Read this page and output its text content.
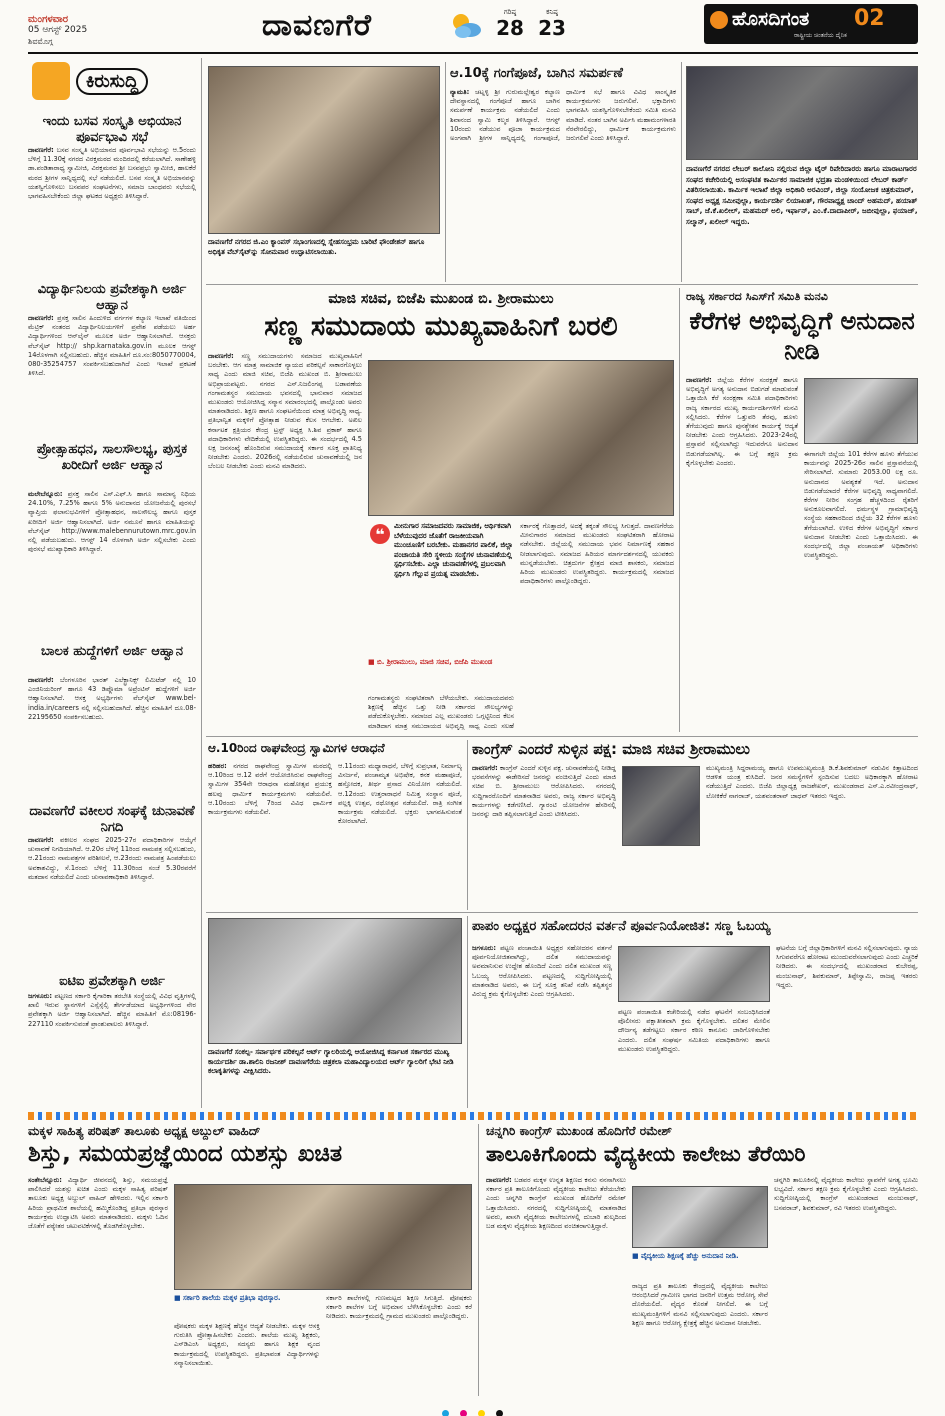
ಮಂಗಳವಾರ
05 ಆಗಸ್ಟ್ 2025
ಶಿವಮೊಗ್ಗ	ದಾವಣಗೆರೆ	ಗರಿಷ್ಠ
28
ಕನಿಷ್ಠ
23	ಹೊಸದಿಗಂತ
ರಾಷ್ಟ್ರೀಯ ಚಿಂತನೆಯ ದೈನಿಕ
02
ಕಿರುಸುದ್ದಿ
ಇಂದು ಬಸವ ಸಂಸ್ಕೃತಿ ಅಭಿಯಾನ ಪೂರ್ವಭಾವಿ ಸಭೆ
ದಾವಣಗೆರೆ: ಬಸವ ಸಂಸ್ಕೃತಿ ಅಭಿಯಾನದ ಪೂರ್ವಭಾವಿ ಸಭೆಯನ್ನು ಆ.5ರಂದು ಬೆಳಿಗ್ಗೆ 11.30ಕ್ಕೆ ನಗರದ ವಿರಕ್ತಮಠದ ಮಂದಿರದಲ್ಲಿ ಕರೆಯಲಾಗಿದೆ. ಸಾಣೇಹಳ್ಳಿ ಡಾ.ಪಂಡಿತಾರಾಧ್ಯ ಸ್ವಾಮೀಜಿ, ವಿರಕ್ತಮಠದ ಶ್ರೀ ಬಸವಪ್ರಭು ಸ್ವಾಮೀಜಿ, ಹಾಲಕೆರೆ ಮಠದ ಶ್ರೀಗಳ ಸಾನ್ನಿಧ್ಯದಲ್ಲಿ ಸಭೆ ನಡೆಯಲಿದೆ. ಬಸವ ಸಂಸ್ಕೃತಿ ಅಭಿಯಾನವನ್ನು ಯಶಸ್ವಿಗೊಳಿಸಲು ಬಸವಪರ ಸಂಘಟನೆಗಳು, ಸಮಾಜ ಬಾಂಧವರು ಸಭೆಯಲ್ಲಿ ಭಾಗವಹಿಸಬೇಕೆಂದು ಜಿಲ್ಲಾ ಘಟಕದ ಅಧ್ಯಕ್ಷರು ತಿಳಿಸಿದ್ದಾರೆ.
ವಿದ್ಯಾರ್ಥಿನಿಲಯ ಪ್ರವೇಶಕ್ಕಾಗಿ ಅರ್ಜಿ ಆಹ್ವಾನ
ದಾವಣಗೆರೆ: ಪ್ರಸಕ್ತ ಸಾಲಿನ ಹಿಂದುಳಿದ ವರ್ಗಗಳ ಕಲ್ಯಾಣ ಇಲಾಖೆ ವತಿಯಿಂದ ಮೆಟ್ರಿಕ್ ನಂತರದ ವಿದ್ಯಾರ್ಥಿನಿಲಯಗಳಿಗೆ ಪ್ರವೇಶ ಪಡೆಯಲು ಅರ್ಹ ವಿದ್ಯಾರ್ಥಿಗಳಿಂದ ಆನ್‌ಲೈನ್ ಮೂಲಕ ಅರ್ಜಿ ಆಹ್ವಾನಿಸಲಾಗಿದೆ. ಆಸಕ್ತರು ವೆಬ್‌ಸೈಟ್ http:// shp.karnataka.gov.in ಮೂಲಕ ಆಗಸ್ಟ್ 14ರೊಳಗಾಗಿ ಸಲ್ಲಿಸಬಹುದು. ಹೆಚ್ಚಿನ ಮಾಹಿತಿಗೆ ದೂ.ಸಂ:8050770004, 080-35254757 ಸಂಪರ್ಕಿಸಬಹುದಾಗಿದೆ ಎಂದು ಇಲಾಖೆ ಪ್ರಕಟಣೆ ತಿಳಿಸಿದೆ.
ಪ್ರೋತ್ಸಾಹಧನ, ಸಾಲಸೌಲಭ್ಯ, ಪುಸ್ತಕ ಖರೀದಿಗೆ ಅರ್ಜಿ ಆಹ್ವಾನ
ಮಲೇಬೆನ್ನೂರು: ಪ್ರಸಕ್ತ ಸಾಲಿನ ಎಸ್.ಎಫ್.ಸಿ ಹಾಗೂ ಸಾಮಾನ್ಯ ನಿಧಿಯ 24.10%, 7.25% ಹಾಗೂ 5% ಅನುದಾನದ ಯೋಜನೆಯಲ್ಲಿ ಪುರಸಭೆ ವ್ಯಾಪ್ತಿಯ ಫಲಾನುಭವಿಗಳಿಗೆ ಪ್ರೋತ್ಸಾಹಧನ, ಸಾಲಸೌಲಭ್ಯ ಹಾಗೂ ಪುಸ್ತಕ ಖರೀದಿಗೆ ಅರ್ಜಿ ಆಹ್ವಾನಿಸಲಾಗಿದೆ. ಅರ್ಜಿ ನಮೂನೆ ಹಾಗೂ ಮಾಹಿತಿಯನ್ನು ವೆಬ್‌ಸೈಟ್ http://www.malebennurutown.mrc.gov.in ನಲ್ಲಿ ಪಡೆಯಬಹುದು. ಆಗಸ್ಟ್ 14 ರೊಳಗಾಗಿ ಅರ್ಜಿ ಸಲ್ಲಿಸಬೇಕು ಎಂದು ಪುರಸಭೆ ಮುಖ್ಯಾಧಿಕಾರಿ ತಿಳಿಸಿದ್ದಾರೆ.
ಬಾಲಕ ಹುದ್ದೆಗಳಿಗೆ ಅರ್ಜಿ ಆಹ್ವಾನ
ದಾವಣಗೆರೆ: ಬೆಂಗಳೂರಿನ ಭಾರತ್ ಎಲೆಕ್ಟ್ರಾನಿಕ್ಸ್ ಲಿಮಿಟೆಡ್ ನಲ್ಲಿ 10 ಎಂಜಿನಿಯರಿಂಗ್ ಹಾಗೂ 43 ಡಿಪ್ಲೊಮಾ ಅಪ್ರೆಂಟಿಸ್ ಹುದ್ದೆಗಳಿಗೆ ಅರ್ಜಿ ಆಹ್ವಾನಿಸಲಾಗಿದೆ. ಆಸಕ್ತ ಅಭ್ಯರ್ಥಿಗಳು ವೆಬ್‌ಸೈಟ್ www.bel-india.in/careers ನಲ್ಲಿ ಸಲ್ಲಿಸಬಹುದಾಗಿದೆ. ಹೆಚ್ಚಿನ ಮಾಹಿತಿಗೆ ದೂ.08-22195650 ಸಂಪರ್ಕಿಸಬಹುದು.
ದಾವಣಗೆರೆ ವಕೀಲರ ಸಂಘಕ್ಕೆ ಚುನಾವಣೆ ನಿಗದಿ
ದಾವಣಗೆರೆ: ವಕೀಲರ ಸಂಘದ 2025-27ರ ಪದಾಧಿಕಾರಿಗಳ ಆಯ್ಕೆಗೆ ಚುನಾವಣೆ ನಿಗದಿಯಾಗಿದೆ. ಆ.20ರ ಬೆಳಿಗ್ಗೆ 11ರಿಂದ ನಾಮಪತ್ರ ಸಲ್ಲಿಸಬಹುದು, ಆ.21ರಂದು ನಾಮಪತ್ರಗಳ ಪರಿಶೀಲನೆ, ಆ.23ರಂದು ನಾಮಪತ್ರ ಹಿಂಪಡೆಯಲು ಅವಕಾಶವಿದ್ದು, ಸೆ.1ರಂದು ಬೆಳಿಗ್ಗೆ 11.30ರಿಂದ ಸಂಜೆ 5.30ರವರೆಗೆ ಮತದಾನ ನಡೆಯಲಿದೆ ಎಂದು ಚುನಾವಣಾಧಿಕಾರಿ ತಿಳಿಸಿದ್ದಾರೆ.
ಐಟಿಐ ಪ್ರವೇಶಕ್ಕಾಗಿ ಅರ್ಜಿ
ಜಗಳೂರು: ಪಟ್ಟಣದ ಸರ್ಕಾರಿ ಕೈಗಾರಿಕಾ ತರಬೇತಿ ಸಂಸ್ಥೆಯಲ್ಲಿ ವಿವಿಧ ವೃತ್ತಿಗಳಲ್ಲಿ ಖಾಲಿ ಇರುವ ಸ್ಥಾನಗಳಿಗೆ ಎಸ್ಸೆಸ್ಸೆಲ್ಸಿ ತೇರ್ಗಡೆಯಾದ ಅಭ್ಯರ್ಥಿಗಳಿಂದ ನೇರ ಪ್ರವೇಶಕ್ಕಾಗಿ ಅರ್ಜಿ ಆಹ್ವಾನಿಸಲಾಗಿದೆ. ಹೆಚ್ಚಿನ ಮಾಹಿತಿಗೆ ಮೊ:08196-227110 ಸಂಪರ್ಕಿಸುವಂತೆ ಪ್ರಾಂಶುಪಾಲರು ತಿಳಿಸಿದ್ದಾರೆ.
ದಾವಣಗೆರೆ ನಗರದ ಜಿ.ಎಂ ಕ್ಯಾಂಪಸ್ ಸಭಾಂಗಣದಲ್ಲಿ ಸ್ನೇಹಸಂಭ್ರಮ ಬಾರಿಟೆ ಫೌಂಡೇಶನ್ ಹಾಗೂ ಅಧಿಕೃತ ವೆಬ್‌ಸೈಟ್‌ನ್ನು ಸೋಮವಾರ ಉದ್ಘಾಟಿಸಲಾಯಿತು.
ಆ.10ಕ್ಕೆ ಗಂಗೆಪೂಜೆ, ಬಾಗಿನ ಸಮರ್ಪಣೆ
ನ್ಯಾಮತಿ: ಚಟ್ನಳ್ಳಿ ಶ್ರೀ ಗುರುಮಲ್ಲೇಶ್ವರ ಕಲ್ಯಾಣ ದೇವಸ್ಥಾನದಲ್ಲಿ ಗಂಗೆಪೂಜೆ ಹಾಗೂ ಬಾಗಿನ ಸಮರ್ಪಣೆ ಕಾರ್ಯಕ್ರಮ ನಡೆಯಲಿದೆ ಎಂದು ಶಿವಾನಂದ ಸ್ವಾಮಿ ಕಲ್ಮಠ ತಿಳಿಸಿದ್ದಾರೆ. ಆಗಸ್ಟ್ 10ರಂದು ನಡೆಯುವ ಪೂಜಾ ಕಾರ್ಯಕ್ರಮದ ಅಂಗವಾಗಿ ಶ್ರೀಗಳ ಸಾನ್ನಿಧ್ಯದಲ್ಲಿ ಗಂಗಾಪೂಜೆ, ಧಾರ್ಮಿಕ ಸಭೆ ಹಾಗೂ ವಿವಿಧ ಸಾಂಸ್ಕೃತಿಕ ಕಾರ್ಯಕ್ರಮಗಳು ಜರುಗಲಿವೆ. ಭಕ್ತಾದಿಗಳು ಭಾಗವಹಿಸಿ ಯಶಸ್ವಿಗೊಳಿಸಬೇಕೆಂದು ಸಮಿತಿ ಮನವಿ ಮಾಡಿದೆ. ನಂತರ ಬಾಗಿನ ಅರ್ಪಿಸಿ ಮಹಾಮಂಗಳಾರತಿ ನೆರವೇರಲಿದ್ದು, ಧಾರ್ಮಿಕ ಕಾರ್ಯಕ್ರಮಗಳು ಜರುಗಲಿವೆ ಎಂದು ತಿಳಿಸಿದ್ದಾರೆ.
ದಾವಣಗೆರೆ ನಗರದ ಲೇಬರ್ ಕಾಲೋನಿ ನಲ್ಲಿರುವ ಜಿಲ್ಲಾ ಟೈರ್ ರಿಪೇರಿದಾರರು ಹಾಗೂ ಮಾರಾಟಗಾರರ ಸಂಘದ ಕಚೇರಿಯಲ್ಲಿ ಅಸಂಘಟಿತ ಕಾರ್ಮಿಕರ ಸಾಮಾಜಿಕ ಭದ್ರತಾ ಮಂಡಳಿಯಿಂದ ಲೇಬರ್ ಕಾರ್ಡ್ ವಿತರಿಸಲಾಯಿತು. ಕಾರ್ಮಿಕ ಇಲಾಖೆ ಜಿಲ್ಲಾ ಅಧಿಕಾರಿ ಅರವಿಂದ್, ಜಿಲ್ಲಾ ಸಂಯೋಜಕ ಚಿತ್ರಕುಮಾರ್, ಸಂಘದ ಅಧ್ಯಕ್ಷ ಸಮೀವುಲ್ಲಾ, ಕಾರ್ಯದರ್ಶಿ ಲಿಯಾಖತ್, ಗೌರವಾಧ್ಯಕ್ಷ ಚಾಂದ್ ಅಹಮದ್, ಹಯಾತ್ ಸಾಬ್, ಜೆ.ಕೆ.ಖಲೀಲ್, ಮಹಮದ್ ಅಲಿ, ಇರ್ಫಾನ್, ಎಂ.ಕೆ.ದಾದಾಪೀರ್, ಜಬೀವುಲ್ಲಾ, ಫಯಾಜ್, ಸಲ್ಮಾನ್, ಖಲೀಲ್ ಇದ್ದರು.
ಮಾಜಿ ಸಚಿವ, ಬಿಜೆಪಿ ಮುಖಂಡ ಬಿ. ಶ್ರೀರಾಮುಲು
ಸಣ್ಣ ಸಮುದಾಯ ಮುಖ್ಯವಾಹಿನಿಗೆ ಬರಲಿ
ದಾವಣಗೆರೆ: ಸಣ್ಣ ಸಮುದಾಯಗಳು ಸಮಾಜದ ಮುಖ್ಯವಾಹಿನಿಗೆ ಬರಬೇಕು. ಆಗ ಮಾತ್ರ ಸಾಮಾಜಿಕ ನ್ಯಾಯದ ಪರಿಕಲ್ಪನೆ ಸಾಕಾರಗೊಳ್ಳಲು ಸಾಧ್ಯ ಎಂದು ಮಾಜಿ ಸಚಿವ, ಬಿಜೆಪಿ ಮುಖಂಡ ಬಿ. ಶ್ರೀರಾಮುಲು ಅಭಿಪ್ರಾಯಪಟ್ಟರು. ನಗರದ ಎಸ್.ನಿಜಲಿಂಗಪ್ಪ ಬಡಾವಣೆಯ ಗಂಗಾಮತಸ್ಥರ ಸಮುದಾಯ ಭವನದಲ್ಲಿ ಭಾನುವಾರ ಸಮಾಜದ ಮುಖಂಡರು ಆಯೋಜಿಸಿದ್ದ ಸನ್ಮಾನ ಸಮಾರಂಭದಲ್ಲಿ ಪಾಲ್ಗೊಂಡು ಅವರು ಮಾತನಾಡಿದರು. ಶಿಕ್ಷಣ ಹಾಗೂ ಸಂಘಟನೆಯಿಂದ ಮಾತ್ರ ಅಭಿವೃದ್ಧಿ ಸಾಧ್ಯ. ಪ್ರತಿಭಾನ್ವಿತ ಮಕ್ಕಳಿಗೆ ಪ್ರೋತ್ಸಾಹ ನೀಡುವ ಕೆಲಸ ಆಗಬೇಕು. ಅಖಿಲ ಕರ್ನಾಟಕ ಕ್ಷತ್ರಿಯರ ಕೇಂದ್ರ ಟ್ರಸ್ಟ್ ಅಧ್ಯಕ್ಷ ಸಿ.ಶಿವ ಪ್ರಕಾಶ್ ಹಾಗೂ ಪದಾಧಿಕಾರಿಗಳು ವೇದಿಕೆಯಲ್ಲಿ ಉಪಸ್ಥಿತರಿದ್ದರು. ಈ ಸಂದರ್ಭದಲ್ಲಿ 4.5 ಲಕ್ಷ ಜನಸಂಖ್ಯೆ ಹೊಂದಿರುವ ಸಮುದಾಯಕ್ಕೆ ಸರ್ಕಾರ ಸೂಕ್ತ ಪ್ರಾತಿನಿಧ್ಯ ನೀಡಬೇಕು ಎಂದರು. 2026ರಲ್ಲಿ ನಡೆಯಲಿರುವ ಚುನಾವಣೆಯಲ್ಲಿ ಜನ ಬೆಂಬಲ ನೀಡಬೇಕು ಎಂದು ಮನವಿ ಮಾಡಿದರು.
❝	ಮೀನುಗಾರ ಸಮಾಜದವರು ಸಾಮಾಜಿಕ, ಆರ್ಥಿಕವಾಗಿ ಬೆಳೆಯುವುದರ ಜೊತೆಗೆ ರಾಜಕೀಯವಾಗಿ ಮುಂಚೂಣಿಗೆ ಬರಬೇಕು. ಮಹಾನಗರ ಪಾಲಿಕೆ, ಜಿಲ್ಲಾ ಪಂಚಾಯತಿ ಸೇರಿ ಸ್ಥಳೀಯ ಸಂಸ್ಥೆಗಳ ಚುನಾವಣೆಯಲ್ಲಿ ಸ್ಪರ್ಧಿಸಬೇಕು. ಎಲ್ಲಾ ಚುನಾವಣೆಗಳಲ್ಲಿ ಪ್ರಬಲವಾಗಿ ಸ್ಪರ್ಧಿಸಿ ಗೆಲ್ಲುವ ಪ್ರಯತ್ನ ಮಾಡಬೇಕು.
■ ಬಿ. ಶ್ರೀರಾಮುಲು, ಮಾಜಿ ಸಚಿವ, ಬಿಜೆಪಿ ಮುಖಂಡ
ಗಂಗಾಮತಸ್ಥರು ಸಂಘಟಿತರಾಗಿ ಬೆಳೆಯಬೇಕು. ಸಮುದಾಯದವರು ಶಿಕ್ಷಣಕ್ಕೆ ಹೆಚ್ಚಿನ ಒತ್ತು ನೀಡಿ ಸರ್ಕಾರದ ಸೌಲಭ್ಯಗಳನ್ನು ಪಡೆದುಕೊಳ್ಳಬೇಕು. ಸಮಾಜದ ಎಲ್ಲ ಮುಖಂಡರು ಒಗ್ಗಟ್ಟಿನಿಂದ ಕೆಲಸ ಮಾಡಿದಾಗ ಮಾತ್ರ ಸಮುದಾಯದ ಅಭಿವೃದ್ಧಿ ಸಾಧ್ಯ ಎಂದು ಸಲಹೆ
ಸರ್ಕಾರಕ್ಕೆ ಗೊತ್ತಾದರೆ, ಅದಕ್ಕೆ ತಕ್ಕಂತೆ ಸೌಲಭ್ಯ ಸಿಗುತ್ತದೆ. ದಾವಣಗೆರೆಯ ಮೀನುಗಾರರ ಸಮಾಜದ ಮುಖಂಡರು ಸಂಘಟಿತರಾಗಿ ಹೋರಾಟ ನಡೆಸಬೇಕು. ಜಿಲ್ಲೆಯಲ್ಲಿ ಸಮುದಾಯ ಭವನ ನಿರ್ಮಾಣಕ್ಕೆ ಸಹಕಾರ ನೀಡಲಾಗುವುದು. ಸಮಾಜದ ಹಿರಿಯರ ಮಾರ್ಗದರ್ಶನದಲ್ಲಿ ಯುವಕರು ಮುನ್ನಡೆಯಬೇಕು. ಚಿತ್ರದುರ್ಗ ಕ್ಷೇತ್ರದ ಮಾಜಿ ಶಾಸಕರು, ಸಮಾಜದ ಹಿರಿಯ ಮುಖಂಡರು ಉಪಸ್ಥಿತರಿದ್ದರು. ಕಾರ್ಯಕ್ರಮದಲ್ಲಿ ಸಮಾಜದ ಪದಾಧಿಕಾರಿಗಳು ಪಾಲ್ಗೊಂಡಿದ್ದರು.
ರಾಜ್ಯ ಸರ್ಕಾರದ ಸಿಎಸ್‌ಗೆ ಸಮಿತಿ ಮನವಿ
ಕೆರೆಗಳ ಅಭಿವೃದ್ಧಿಗೆ ಅನುದಾನ ನೀಡಿ
ದಾವಣಗೆರೆ: ಜಿಲ್ಲೆಯ ಕೆರೆಗಳ ಸಂರಕ್ಷಣೆ ಹಾಗೂ ಅಭಿವೃದ್ಧಿಗೆ ಅಗತ್ಯ ಅನುದಾನ ಬಿಡುಗಡೆ ಮಾಡುವಂತೆ ಒತ್ತಾಯಿಸಿ ಕೆರೆ ಸಂರಕ್ಷಣಾ ಸಮಿತಿ ಪದಾಧಿಕಾರಿಗಳು ರಾಜ್ಯ ಸರ್ಕಾರದ ಮುಖ್ಯ ಕಾರ್ಯದರ್ಶಿಗಳಿಗೆ ಮನವಿ ಸಲ್ಲಿಸಿದರು. ಕೆರೆಗಳ ಒತ್ತುವರಿ ತೆರವು, ಹೂಳು ತೆಗೆಯುವುದು ಹಾಗೂ ಪುನಶ್ಚೇತನ ಕಾರ್ಯಕ್ಕೆ ಆದ್ಯತೆ ನೀಡಬೇಕು ಎಂದು ಆಗ್ರಹಿಸಿದರು. 2023-24ರಲ್ಲಿ ಪ್ರಸ್ತಾವನೆ ಸಲ್ಲಿಸಲಾಗಿದ್ದು ಇದುವರೆಗೂ ಅನುದಾನ ಬಿಡುಗಡೆಯಾಗಿಲ್ಲ. ಈ ಬಗ್ಗೆ ತಕ್ಷಣ ಕ್ರಮ ಕೈಗೊಳ್ಳಬೇಕು ಎಂದರು.
ಈಗಾಗಲೇ ಜಿಲ್ಲೆಯ 101 ಕೆರೆಗಳ ಹೂಳು ತೆಗೆಯುವ ಕಾರ್ಯವನ್ನು 2025-26ರ ಸಾಲಿನ ಪ್ರಸ್ತಾವನೆಯಲ್ಲಿ ಸೇರಿಸಲಾಗಿದೆ. ಸುಮಾರು 2053.00 ಲಕ್ಷ ರೂ. ಅನುದಾನದ ಅವಶ್ಯಕತೆ ಇದೆ. ಅನುದಾನ ಬಿಡುಗಡೆಯಾದರೆ ಕೆರೆಗಳ ಅಭಿವೃದ್ಧಿ ಸಾಧ್ಯವಾಗಲಿದೆ. ಕೆರೆಗಳ ನೀರಿನ ಸಂಗ್ರಹ ಹೆಚ್ಚಳದಿಂದ ರೈತರಿಗೆ ಅನುಕೂಲವಾಗಲಿದೆ. ಧರ್ಮಸ್ಥಳ ಗ್ರಾಮಾಭಿವೃದ್ಧಿ ಸಂಸ್ಥೆಯ ಸಹಕಾರದಿಂದ ಜಿಲ್ಲೆಯ 32 ಕೆರೆಗಳ ಹೂಳು ತೆಗೆಯಲಾಗಿದೆ. ಉಳಿದ ಕೆರೆಗಳ ಅಭಿವೃದ್ಧಿಗೆ ಸರ್ಕಾರ ಅನುದಾನ ನೀಡಬೇಕು ಎಂದು ಒತ್ತಾಯಿಸಿದರು. ಈ ಸಂದರ್ಭದಲ್ಲಿ ಜಿಲ್ಲಾ ಪಂಚಾಯತ್ ಅಧಿಕಾರಿಗಳು ಉಪಸ್ಥಿತರಿದ್ದರು.
ಆ.10ರಿಂದ ರಾಘವೇಂದ್ರ ಸ್ವಾಮಿಗಳ ಆರಾಧನೆ
ಹರಿಹರ: ನಗರದ ರಾಘವೇಂದ್ರ ಸ್ವಾಮಿಗಳ ಮಠದಲ್ಲಿ ಆ.10ರಿಂದ ಆ.12 ವರೆಗೆ ಆಯೋಜಿಸಿರುವ ರಾಘವೇಂದ್ರ ಸ್ವಾಮಿಗಳ 354ನೇ ಆರಾಧನಾ ಮಹೋತ್ಸವ ಪ್ರಯುಕ್ತ ಹಲವು ಧಾರ್ಮಿಕ ಕಾರ್ಯಕ್ರಮಗಳು ನಡೆಯಲಿವೆ. ಆ.10ರಂದು ಬೆಳಿಗ್ಗೆ 7ರಿಂದ ವಿವಿಧ ಧಾರ್ಮಿಕ ಕಾರ್ಯಕ್ರಮಗಳು ನಡೆಯಲಿವೆ.
ಆ.11ರಂದು ಮಧ್ಯಾರಾಧನೆ, ಬೆಳಿಗ್ಗೆ ಸುಪ್ರಭಾತ, ನಿರ್ಮಾಲ್ಯ ವಿಸರ್ಜನೆ, ಪಂಚಾಮೃತ ಅಭಿಷೇಕ, ಕನಕ ಮಹಾಪೂಜೆ, ಹಸ್ತೋದಕ, ತೀರ್ಥ ಪ್ರಸಾದ ವಿನಿಯೋಗ ನಡೆಯಲಿದೆ. ಆ.12ರಂದು ಉತ್ತರಾರಾಧನೆ ನಿಮಿತ್ತ ಸಂಸ್ಥಾನ ಪೂಜೆ, ಪಲ್ಲಕ್ಕಿ ಉತ್ಸವ, ರಥೋತ್ಸವ ನಡೆಯಲಿದೆ. ರಾತ್ರಿ ಸಂಗೀತ ಕಾರ್ಯಕ್ರಮ ನಡೆಯಲಿದೆ. ಭಕ್ತರು ಭಾಗವಹಿಸುವಂತೆ ಕೋರಲಾಗಿದೆ.
ಕಾಂಗ್ರೆಸ್ ಎಂದರೆ ಸುಳ್ಳಿನ ಪಕ್ಷ: ಮಾಜಿ ಸಚಿವ ಶ್ರೀರಾಮುಲು
ದಾವಣಗೆರೆ: ಕಾಂಗ್ರೆಸ್ ಎಂದರೆ ಸುಳ್ಳಿನ ಪಕ್ಷ. ಚುನಾವಣೆಯಲ್ಲಿ ನೀಡಿದ್ದ ಭರವಸೆಗಳನ್ನು ಈಡೇರಿಸದೆ ಜನರನ್ನು ವಂಚಿಸುತ್ತಿದೆ ಎಂದು ಮಾಜಿ ಸಚಿವ ಬಿ. ಶ್ರೀರಾಮುಲು ಆರೋಪಿಸಿದರು. ನಗರದಲ್ಲಿ ಸುದ್ದಿಗಾರರೊಂದಿಗೆ ಮಾತನಾಡಿದ ಅವರು, ರಾಜ್ಯ ಸರ್ಕಾರ ಅಭಿವೃದ್ಧಿ ಕಾರ್ಯಗಳನ್ನು ಕಡೆಗಣಿಸಿದೆ. ಗ್ಯಾರಂಟಿ ಯೋಜನೆಗಳ ಹೆಸರಿನಲ್ಲಿ ಜನರನ್ನು ದಾರಿ ತಪ್ಪಿಸಲಾಗುತ್ತಿದೆ ಎಂದು ಟೀಕಿಸಿದರು.
ಮುಖ್ಯಮಂತ್ರಿ ಸಿದ್ದರಾಮಯ್ಯ ಹಾಗೂ ಉಪಮುಖ್ಯಮಂತ್ರಿ ಡಿ.ಕೆ.ಶಿವಕುಮಾರ್ ನಡುವಿನ ಕಿತ್ತಾಟದಿಂದ ಆಡಳಿತ ಯಂತ್ರ ಕುಸಿದಿದೆ. ಜನರ ಸಮಸ್ಯೆಗಳಿಗೆ ಸ್ಪಂದಿಸುವ ಬದಲು ಅಧಿಕಾರಕ್ಕಾಗಿ ಹೋರಾಟ ನಡೆಯುತ್ತಿದೆ ಎಂದರು. ಬಿಜೆಪಿ ಜಿಲ್ಲಾಧ್ಯಕ್ಷ ರಾಜಶೇಖರ್, ಮುಖಂಡರಾದ ಎಸ್.ಎ.ರವೀಂದ್ರನಾಥ್, ಲೋಕಿಕೆರೆ ನಾಗರಾಜ್, ಯಶವಂತರಾವ್ ಜಾಧವ್ ಇತರರು ಇದ್ದರು.
ದಾವಣಗೆರೆ ಸಂಕಲ್ಪ- ಸರ್ವಾರ್ಥಕ ಪರಿಕಲ್ಪನೆ ಆರ್ಟ್ ಗ್ಯಾಲರಿಯಲ್ಲಿ ಆಯೋಜಿಸಿದ್ದ ಕರ್ನಾಟಕ ಸರ್ಕಾರದ ಮುಖ್ಯ ಕಾರ್ಯದರ್ಶಿ ಡಾ.ಶಾಲಿನಿ ರಜನೀಶ್ ದಾವಣಗೆರೆಯ ಚಿತ್ರಕಲಾ ಮಹಾವಿದ್ಯಾಲಯದ ಆರ್ಟ್ ಗ್ಯಾಲರಿಗೆ ಭೇಟಿ ನೀಡಿ ಕಲಾಕೃತಿಗಳನ್ನು ವೀಕ್ಷಿಸಿದರು.
ಪಾಪಂ ಅಧ್ಯಕ್ಷರ ಸಹೋದರನ ವರ್ತನೆ ಪೂರ್ವನಿಯೋಜಿತ: ಸಣ್ಣ ಓಬಯ್ಯ
ಜಗಳೂರು: ಪಟ್ಟಣ ಪಂಚಾಯಿತಿ ಅಧ್ಯಕ್ಷರ ಸಹೋದರನ ವರ್ತನೆ ಪೂರ್ವನಿಯೋಜಿತವಾಗಿದ್ದು, ದಲಿತ ಸಮುದಾಯವನ್ನು ಅವಮಾನಿಸುವ ಉದ್ದೇಶ ಹೊಂದಿದೆ ಎಂದು ದಲಿತ ಮುಖಂಡ ಸಣ್ಣ ಓಬಯ್ಯ ಆರೋಪಿಸಿದರು. ಪಟ್ಟಣದಲ್ಲಿ ಸುದ್ದಿಗೋಷ್ಠಿಯಲ್ಲಿ ಮಾತನಾಡಿದ ಅವರು, ಈ ಬಗ್ಗೆ ಸೂಕ್ತ ತನಿಖೆ ನಡೆಸಿ ತಪ್ಪಿತಸ್ಥರ ವಿರುದ್ಧ ಕ್ರಮ ಕೈಗೊಳ್ಳಬೇಕು ಎಂದು ಆಗ್ರಹಿಸಿದರು.
ಪಟ್ಟಣ ಪಂಚಾಯಿತಿ ಕಚೇರಿಯಲ್ಲಿ ನಡೆದ ಘಟನೆಗೆ ಸಂಬಂಧಿಸಿದಂತೆ ಪೊಲೀಸರು ಪಕ್ಷಾತೀತವಾಗಿ ಕ್ರಮ ಕೈಗೊಳ್ಳಬೇಕು. ದಲಿತರ ಮೇಲಿನ ದೌರ್ಜನ್ಯ ತಡೆಗಟ್ಟಲು ಸರ್ಕಾರ ಕಠಿಣ ಕಾನೂನು ಜಾರಿಗೊಳಿಸಬೇಕು ಎಂದರು. ದಲಿತ ಸಂಘರ್ಷ ಸಮಿತಿಯ ಪದಾಧಿಕಾರಿಗಳು ಹಾಗೂ ಮುಖಂಡರು ಉಪಸ್ಥಿತರಿದ್ದರು.
ಘಟನೆಯ ಬಗ್ಗೆ ಜಿಲ್ಲಾಧಿಕಾರಿಗಳಿಗೆ ಮನವಿ ಸಲ್ಲಿಸಲಾಗುವುದು. ನ್ಯಾಯ ಸಿಗುವವರೆಗೂ ಹೋರಾಟ ಮುಂದುವರೆಸಲಾಗುವುದು ಎಂದು ಎಚ್ಚರಿಕೆ ನೀಡಿದರು. ಈ ಸಂದರ್ಭದಲ್ಲಿ ಮುಖಂಡರಾದ ಕುಬೇರಪ್ಪ, ಮಂಜುನಾಥ್, ಶಿವಕುಮಾರ್, ತಿಪ್ಪೇಸ್ವಾಮಿ, ರಾಜಪ್ಪ ಇತರರು ಇದ್ದರು.
ಮಕ್ಕಳ ಸಾಹಿತ್ಯ ಪರಿಷತ್ ತಾಲೂಕು ಅಧ್ಯಕ್ಷ ಅಬ್ದುಲ್ ವಾಹಿದ್
ಶಿಸ್ತು, ಸಮಯಪ್ರಜ್ಞೆಯಿಂದ ಯಶಸ್ಸು ಖಚಿತ
ಸಂತೇಬೆನ್ನೂರು: ವಿದ್ಯಾರ್ಥಿ ಜೀವನದಲ್ಲಿ ಶಿಸ್ತು, ಸಮಯಪ್ರಜ್ಞೆ ಪಾಲಿಸಿದರೆ ಯಶಸ್ಸು ಖಚಿತ ಎಂದು ಮಕ್ಕಳ ಸಾಹಿತ್ಯ ಪರಿಷತ್ ತಾಲೂಕು ಅಧ್ಯಕ್ಷ ಅಬ್ದುಲ್ ವಾಹಿದ್ ಹೇಳಿದರು. ಇಲ್ಲಿನ ಸರ್ಕಾರಿ ಹಿರಿಯ ಪ್ರಾಥಮಿಕ ಶಾಲೆಯಲ್ಲಿ ಹಮ್ಮಿಕೊಂಡಿದ್ದ ಪ್ರತಿಭಾ ಪುರಸ್ಕಾರ ಕಾರ್ಯಕ್ರಮ ಉದ್ಘಾಟಿಸಿ ಅವರು ಮಾತನಾಡಿದರು. ಮಕ್ಕಳು ಓದಿನ ಜೊತೆಗೆ ಪಠ್ಯೇತರ ಚಟುವಟಿಕೆಗಳಲ್ಲಿ ತೊಡಗಿಕೊಳ್ಳಬೇಕು.
■ ಸರ್ಕಾರಿ ಶಾಲೆಯ ಮಕ್ಕಳ ಪ್ರತಿಭಾ ಪುರಸ್ಕಾರ.
ಪೋಷಕರು ಮಕ್ಕಳ ಶಿಕ್ಷಣಕ್ಕೆ ಹೆಚ್ಚಿನ ಆದ್ಯತೆ ನೀಡಬೇಕು. ಮಕ್ಕಳ ಆಸಕ್ತಿ ಗುರುತಿಸಿ ಪ್ರೋತ್ಸಾಹಿಸಬೇಕು ಎಂದರು. ಶಾಲೆಯ ಮುಖ್ಯ ಶಿಕ್ಷಕರು, ಎಸ್‌ಡಿಎಂಸಿ ಅಧ್ಯಕ್ಷರು, ಸದಸ್ಯರು ಹಾಗೂ ಶಿಕ್ಷಕ ವೃಂದ ಕಾರ್ಯಕ್ರಮದಲ್ಲಿ ಉಪಸ್ಥಿತರಿದ್ದರು. ಪ್ರತಿಭಾವಂತ ವಿದ್ಯಾರ್ಥಿಗಳನ್ನು ಸನ್ಮಾನಿಸಲಾಯಿತು.
ಸರ್ಕಾರಿ ಶಾಲೆಗಳಲ್ಲಿ ಗುಣಮಟ್ಟದ ಶಿಕ್ಷಣ ಸಿಗುತ್ತಿದೆ. ಪೋಷಕರು ಸರ್ಕಾರಿ ಶಾಲೆಗಳ ಬಗ್ಗೆ ಅಭಿಮಾನ ಬೆಳೆಸಿಕೊಳ್ಳಬೇಕು ಎಂದು ಕರೆ ನೀಡಿದರು. ಕಾರ್ಯಕ್ರಮದಲ್ಲಿ ಗ್ರಾಮದ ಮುಖಂಡರು ಪಾಲ್ಗೊಂಡಿದ್ದರು.
ಚನ್ನಗಿರಿ ಕಾಂಗ್ರೆಸ್ ಮುಖಂಡ ಹೊದಿಗೆರೆ ರಮೇಶ್
ತಾಲೂಕಿಗೊಂದು ವೈದ್ಯಕೀಯ ಕಾಲೇಜು ತೆರೆಯಿರಿ
ದಾವಣಗೆರೆ: ಬಡವರ ಮಕ್ಕಳ ಉನ್ನತ ಶಿಕ್ಷಣದ ಕನಸು ನನಸಾಗಿಸಲು ಸರ್ಕಾರ ಪ್ರತಿ ತಾಲೂಕಿಗೊಂದು ವೈದ್ಯಕೀಯ ಕಾಲೇಜು ತೆರೆಯಬೇಕು ಎಂದು ಚನ್ನಗಿರಿ ಕಾಂಗ್ರೆಸ್ ಮುಖಂಡ ಹೊದಿಗೆರೆ ರಮೇಶ್ ಒತ್ತಾಯಿಸಿದರು. ನಗರದಲ್ಲಿ ಸುದ್ದಿಗೋಷ್ಠಿಯಲ್ಲಿ ಮಾತನಾಡಿದ ಅವರು, ಖಾಸಗಿ ವೈದ್ಯಕೀಯ ಕಾಲೇಜುಗಳಲ್ಲಿ ದುಬಾರಿ ಶುಲ್ಕದಿಂದ ಬಡ ಮಕ್ಕಳು ವೈದ್ಯಕೀಯ ಶಿಕ್ಷಣದಿಂದ ವಂಚಿತರಾಗುತ್ತಿದ್ದಾರೆ.
■ ವೈದ್ಯಕೀಯ ಶಿಕ್ಷಣಕ್ಕೆ ಹೆಚ್ಚು ಅನುದಾನ ನೀಡಿ.
ರಾಜ್ಯದ ಪ್ರತಿ ತಾಲೂಕು ಕೇಂದ್ರದಲ್ಲಿ ವೈದ್ಯಕೀಯ ಕಾಲೇಜು ಆರಂಭಿಸಿದರೆ ಗ್ರಾಮೀಣ ಭಾಗದ ಜನರಿಗೆ ಉತ್ತಮ ಆರೋಗ್ಯ ಸೇವೆ ದೊರೆಯಲಿದೆ. ವೈದ್ಯರ ಕೊರತೆ ನೀಗಲಿದೆ. ಈ ಬಗ್ಗೆ ಮುಖ್ಯಮಂತ್ರಿಗಳಿಗೆ ಮನವಿ ಸಲ್ಲಿಸಲಾಗುವುದು ಎಂದರು. ಸರ್ಕಾರ ಶಿಕ್ಷಣ ಹಾಗೂ ಆರೋಗ್ಯ ಕ್ಷೇತ್ರಕ್ಕೆ ಹೆಚ್ಚಿನ ಅನುದಾನ ನೀಡಬೇಕು.
ಚನ್ನಗಿರಿ ತಾಲೂಕಿನಲ್ಲಿ ವೈದ್ಯಕೀಯ ಕಾಲೇಜು ಸ್ಥಾಪನೆಗೆ ಅಗತ್ಯ ಭೂಮಿ ಲಭ್ಯವಿದೆ. ಸರ್ಕಾರ ತಕ್ಷಣ ಕ್ರಮ ಕೈಗೊಳ್ಳಬೇಕು ಎಂದು ಆಗ್ರಹಿಸಿದರು. ಸುದ್ದಿಗೋಷ್ಠಿಯಲ್ಲಿ ಕಾಂಗ್ರೆಸ್ ಮುಖಂಡರಾದ ಮಂಜುನಾಥ್, ಬಸವರಾಜ್, ಶಿವಕುಮಾರ್, ರವಿ ಇತರರು ಉಪಸ್ಥಿತರಿದ್ದರು.
